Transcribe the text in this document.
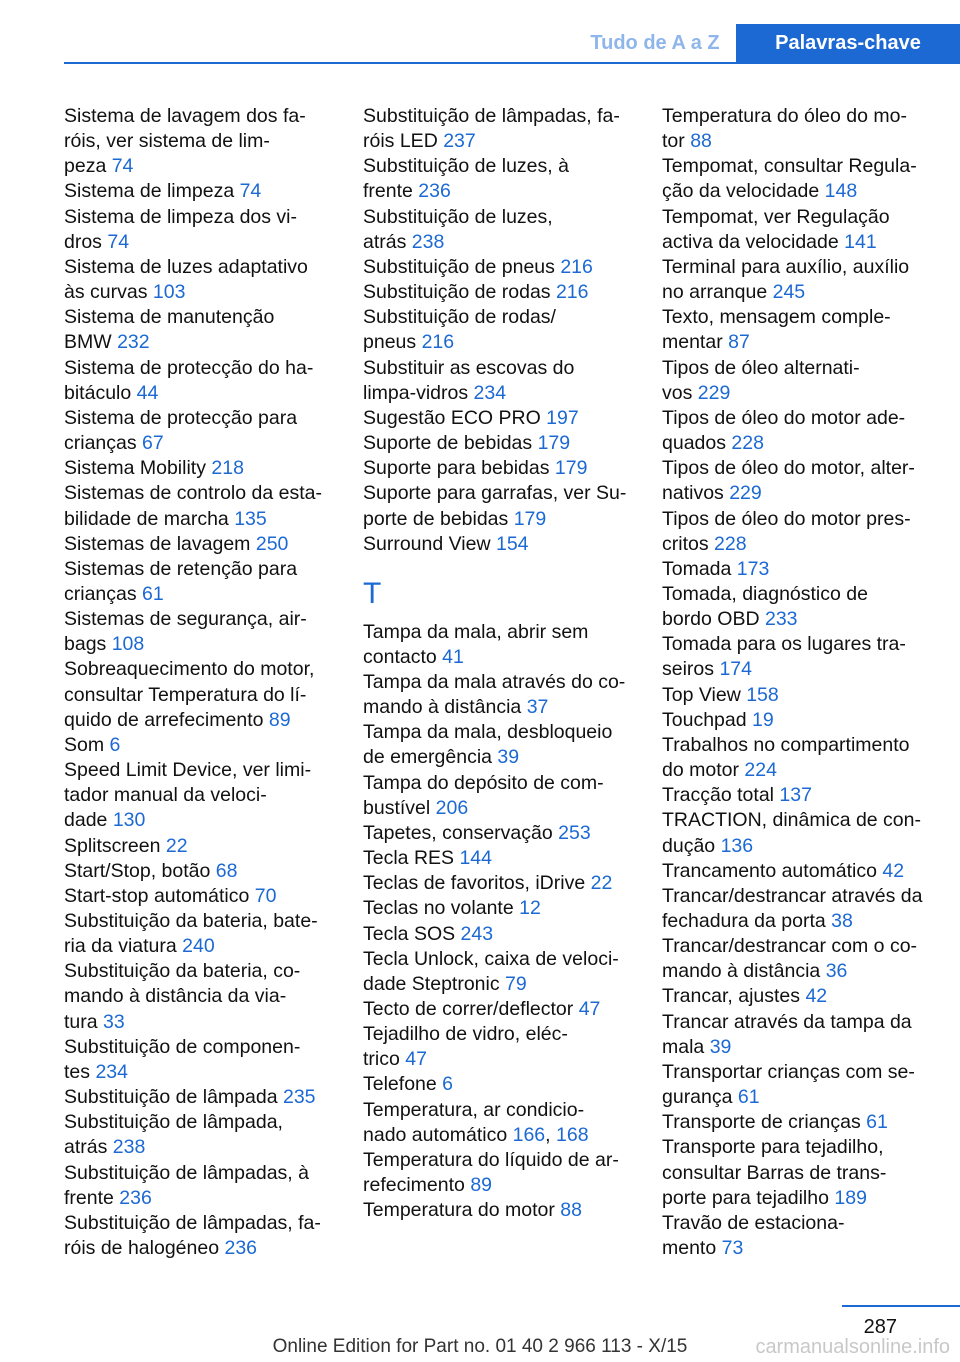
Tudo de A a Z	Palavras-chave
Sistema de lavagem dos fa-
róis, ver sistema de lim-
peza 74
Sistema de limpeza 74
Sistema de limpeza dos vi-
dros 74
Sistema de luzes adaptativo
às curvas 103
Sistema de manutenção
BMW 232
Sistema de protecção do ha-
bitáculo 44
Sistema de protecção para
crianças 67
Sistema Mobility 218
Sistemas de controlo da esta-
bilidade de marcha 135
Sistemas de lavagem 250
Sistemas de retenção para
crianças 61
Sistemas de segurança, air-
bags 108
Sobreaquecimento do motor,
consultar Temperatura do lí-
quido de arrefecimento 89
Som 6
Speed Limit Device, ver limi-
tador manual da veloci-
dade 130
Splitscreen 22
Start/Stop, botão 68
Start-stop automático 70
Substituição da bateria, bate-
ria da viatura 240
Substituição da bateria, co-
mando à distância da via-
tura 33
Substituição de componen-
tes 234
Substituição de lâmpada 235
Substituição de lâmpada,
atrás 238
Substituição de lâmpadas, à
frente 236
Substituição de lâmpadas, fa-
róis de halogéneo 236
Substituição de lâmpadas, fa-
róis LED 237
Substituição de luzes, à
frente 236
Substituição de luzes,
atrás 238
Substituição de pneus 216
Substituição de rodas 216
Substituição de rodas/
pneus 216
Substituir as escovas do
limpa-vidros 234
Sugestão ECO PRO 197
Suporte de bebidas 179
Suporte para bebidas 179
Suporte para garrafas, ver Su-
porte de bebidas 179
Surround View 154
T
Tampa da mala, abrir sem
contacto 41
Tampa da mala através do co-
mando à distância 37
Tampa da mala, desbloqueio
de emergência 39
Tampa do depósito de com-
bustível 206
Tapetes, conservação 253
Tecla RES 144
Teclas de favoritos, iDrive 22
Teclas no volante 12
Tecla SOS 243
Tecla Unlock, caixa de veloci-
dade Steptronic 79
Tecto de correr/deflector 47
Tejadilho de vidro, eléc-
trico 47
Telefone 6
Temperatura, ar condicio-
nado automático 166, 168
Temperatura do líquido de ar-
refecimento 89
Temperatura do motor 88
Temperatura do óleo do mo-
tor 88
Tempomat, consultar Regula-
ção da velocidade 148
Tempomat, ver Regulação
activa da velocidade 141
Terminal para auxílio, auxílio
no arranque 245
Texto, mensagem comple-
mentar 87
Tipos de óleo alternati-
vos 229
Tipos de óleo do motor ade-
quados 228
Tipos de óleo do motor, alter-
nativos 229
Tipos de óleo do motor pres-
critos 228
Tomada 173
Tomada, diagnóstico de
bordo OBD 233
Tomada para os lugares tra-
seiros 174
Top View 158
Touchpad 19
Trabalhos no compartimento
do motor 224
Tracção total 137
TRACTION, dinâmica de con-
dução 136
Trancamento automático 42
Trancar/destrancar através da
fechadura da porta 38
Trancar/destrancar com o co-
mando à distância 36
Trancar, ajustes 42
Trancar através da tampa da
mala 39
Transportar crianças com se-
gurança 61
Transporte de crianças 61
Transporte para tejadilho,
consultar Barras de trans-
porte para tejadilho 189
Travão de estaciona-
mento 73
287
Online Edition for Part no. 01 40 2 966 113 - X/15	carmanualsonline.info
